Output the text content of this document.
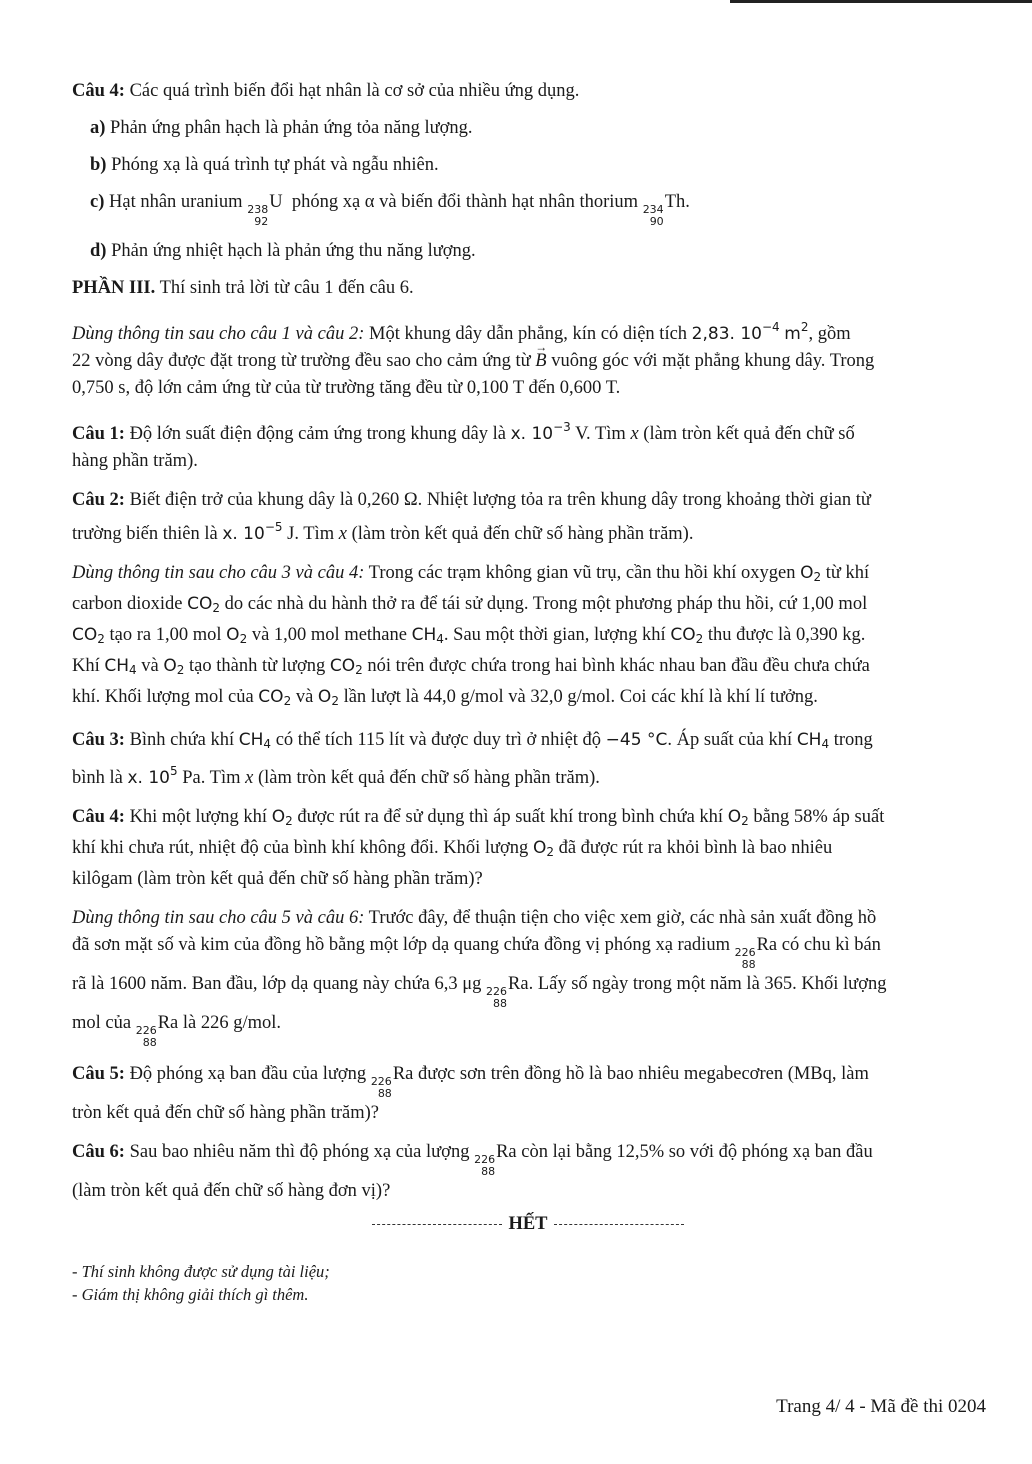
Câu 4: Các quá trình biến đổi hạt nhân là cơ sở của nhiều ứng dụng.

a) Phản ứng phân hạch là phản ứng tỏa năng lượng.

b) Phóng xạ là quá trình tự phát và ngẫu nhiên.

c) Hạt nhân uranium 238
92
U phóng xạ α và biến đổi thành hạt nhân thorium 234
90
Th.

d) Phản ứng nhiệt hạch là phản ứng thu năng lượng.

PHẦN III. Thí sinh trả lời từ câu 1 đến câu 6.

Dùng thông tin sau cho câu 1 và câu 2: Một khung dây dẫn phẳng, kín có diện tích 2,83. $10^{-4}$ $m^2$, gồm
22 vòng dây được đặt trong từ trường đều sao cho cảm ứng từ → B vuông góc với mặt phẳng khung dây. Trong
0,750 s, độ lớn cảm ứng từ của từ trường tăng đều từ 0,100 T đến 0,600 T.
Câu 1: Độ lớn suất điện động cảm ứng trong khung dây là x. $10^{-3}$ V. Tìm x (làm tròn kết quả đến chữ số
hàng phần trăm).
Câu 2: Biết điện trở của khung dây là 0,260 Ω. Nhiệt lượng tỏa ra trên khung dây trong khoảng thời gian từ
trường biến thiên là x. $10^{-5}$ J. Tìm x (làm tròn kết quả đến chữ số hàng phần trăm).
Dùng thông tin sau cho câu 3 và câu 4: Trong các trạm không gian vũ trụ, cần thu hồi khí oxygen $O_2$ từ khí
carbon dioxide $CO_2$ do các nhà du hành thở ra để tái sử dụng. Trong một phương pháp thu hồi, cứ 1,00 mol
$CO_2$ tạo ra 1,00 mol $O_2$ và 1,00 mol methane $CH_4$. Sau một thời gian, lượng khí $CO_2$ thu được là 0,390 kg.
Khí $CH_4$ và $O_2$ tạo thành từ lượng $CO_2$ nói trên được chứa trong hai bình khác nhau ban đầu đều chưa chứa
khí. Khối lượng mol của $CO_2$ và $O_2$ lần lượt là 44,0 g/mol và 32,0 g/mol. Coi các khí là khí lí tưởng.
Câu 3: Bình chứa khí $CH_4$ có thể tích 115 lít và được duy trì ở nhiệt độ −45 °C. Áp suất của khí $CH_4$ trong
bình là x. $10^5$ Pa. Tìm x (làm tròn kết quả đến chữ số hàng phần trăm).
Câu 4: Khi một lượng khí $O_2$ được rút ra để sử dụng thì áp suất khí trong bình chứa khí $O_2$ bằng 58% áp suất
khí khi chưa rút, nhiệt độ của bình khí không đổi. Khối lượng $O_2$ đã được rút ra khỏi bình là bao nhiêu
kilôgam (làm tròn kết quả đến chữ số hàng phần trăm)?
Dùng thông tin sau cho câu 5 và câu 6: Trước đây, để thuận tiện cho việc xem giờ, các nhà sản xuất đồng hồ
đã sơn mặt số và kim của đồng hồ bằng một lớp dạ quang chứa đồng vị phóng xạ radium 226
88
Ra có chu kì bán
rã là 1600 năm. Ban đầu, lớp dạ quang này chứa 6,3 μg 226
88
Ra. Lấy số ngày trong một năm là 365. Khối lượng
mol của 226
88
Ra là 226 g/mol.
Câu 5: Độ phóng xạ ban đầu của lượng 226
88
Ra được sơn trên đồng hồ là bao nhiêu megabecơren (MBq, làm
tròn kết quả đến chữ số hàng phần trăm)?
Câu 6: Sau bao nhiêu năm thì độ phóng xạ của lượng 226
88
Ra còn lại bằng 12,5% so với độ phóng xạ ban đầu
(làm tròn kết quả đến chữ số hàng đơn vị)?
HẾT
- Thí sinh không được sử dụng tài liệu;
- Giám thị không giải thích gì thêm.
Trang 4/ 4 - Mã đề thi 0204
